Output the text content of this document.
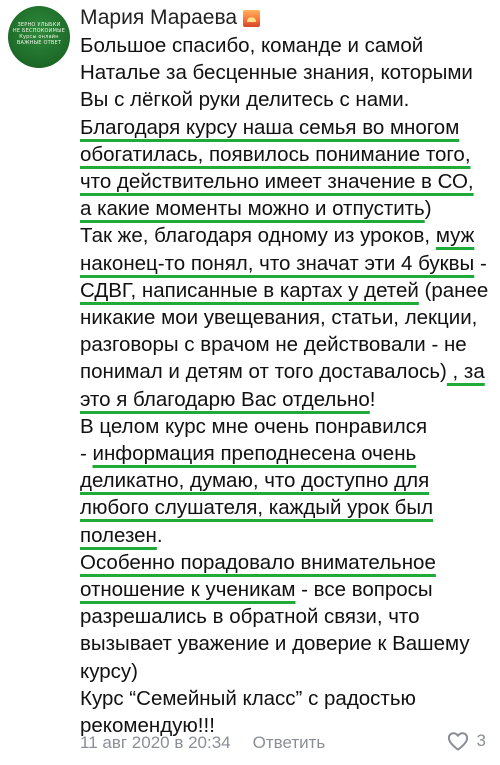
ЗЕРНО УЛЫБКИ
НЕ БЕСПОКОИМЫЕ
Курсы онлайн
ВАЖНЫЕ ОТВЕТ
Мария Мараева
Большое спасибо, команде и самой
Наталье за бесценные знания, которыми
Вы с лёгкой руки делитесь с нами.
Благодаря курсу наша семья во многом
обогатилась, появилось понимание того,
что действительно имеет значение в СО,
а какие моменты можно и отпустить)
Так же, благодаря одному из уроков, муж
наконец-то понял, что значат эти 4 буквы -
СДВГ, написанные в картах у детей (ранее
никакие мои увещевания, статьи, лекции,
разговоры с врачом не действовали - не
понимал и детям от того доставалось) , за
это я благодарю Вас отдельно!
В целом курс мне очень понравился
- информация преподнесена очень
деликатно, думаю, что доступно для
любого слушателя, каждый урок был
полезен.
Особенно порадовало внимательное
отношение к ученикам - все вопросы
разрешались в обратной связи, что
вызывает уважение и доверие к Вашему
курсу)
Курс “Семейный класс” с радостью
рекомендую!!!
11 авг 2020 в 20:34 Ответить	3
